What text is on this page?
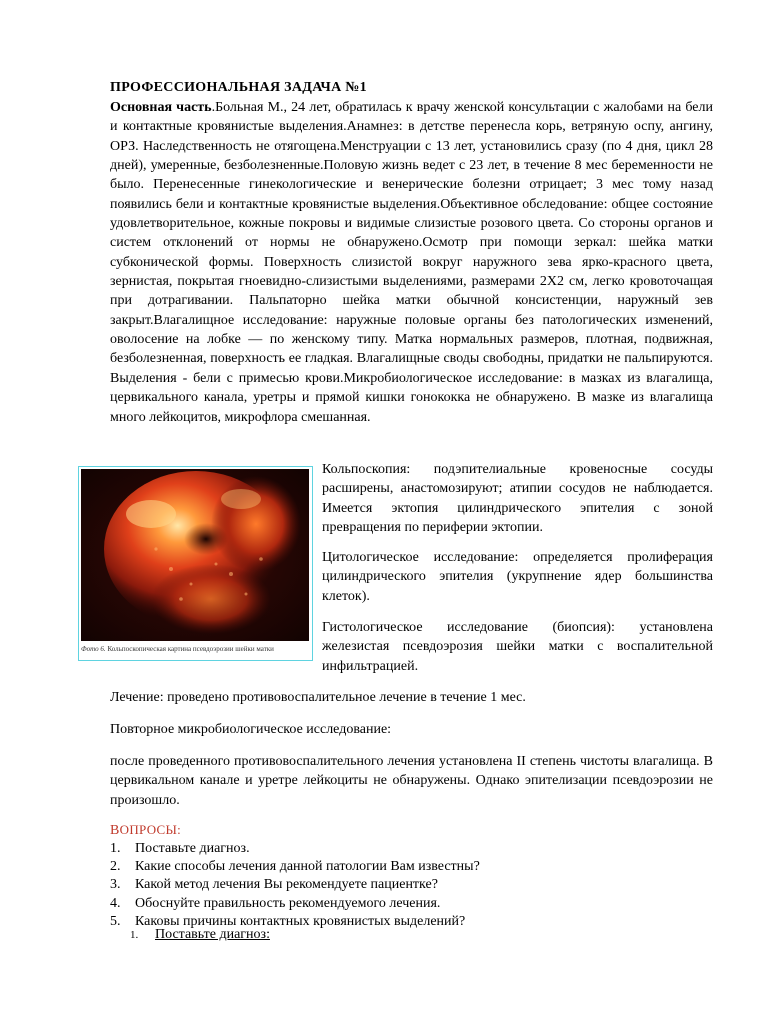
ПРОФЕССИОНАЛЬНАЯ ЗАДАЧА №1
Основная часть.Больная М., 24 лет, обратилась к врачу женской консультации с жалобами на бели и контактные кровянистые выделения.Анамнез: в детстве перенесла корь, ветряную оспу, ангину, ОРЗ. Наследственность не отягощена.Менструации с 13 лет, установились сразу (по 4 дня, цикл 28 дней), умеренные, безболезненные.Половую жизнь ведет с 23 лет, в течение 8 мес беременности не было. Перенесенные гинекологические и венерические болезни отрицает; 3 мес тому назад появились бели и контактные кровянистые выделения.Объективное обследование: общее состояние удовлетворительное, кожные покровы и видимые слизистые розового цвета. Со стороны органов и систем отклонений от нормы не обнаружено.Осмотр при помощи зеркал: шейка матки субконической формы. Поверхность слизистой вокруг наружного зева ярко-красного цвета, зернистая, покрытая гноевидно-слизистыми выделениями, размерами 2Х2 см, легко кровоточащая при дотрагивании. Пальпаторно шейка матки обычной консистенции, наружный зев закрыт.Влагалищное исследование: наружные половые органы без патологических изменений, оволосение на лобке — по женскому типу. Матка нормальных размеров, плотная, подвижная, безболезненная, поверхность ее гладкая. Влагалищные своды свободны, придатки не пальпируются. Выделения - бели с примесью крови.Микробиологическое исследование: в мазках из влагалища, цервикального канала, уретры и прямой кишки гонококка не обнаружено. В мазке из влагалища много лейкоцитов, микрофлора смешанная.
Фото 6. Кольпоскопическая картина псевдоэрозии шейки матки
Кольпоскопия: подэпителиальные кровеносные сосуды расширены, анастомозируют; атипии сосудов не наблюдается. Имеется эктопия цилиндрического эпителия с зоной превращения по периферии эктопии.
Цитологическое исследование: определяется пролиферация цилиндрического эпителия (укрупнение ядер большинства клеток).
Гистологическое исследование (биопсия): установлена железистая псевдоэрозия шейки матки с воспалительной инфильтрацией.
Лечение: проведено противовоспалительное лечение в течение 1 мес.
Повторное микробиологическое исследование:
после проведенного противовоспалительного лечения установлена II степень чистоты влагалища. В цервикальном канале и уретре лейкоциты не обнаружены. Однако эпителизации псевдоэрозии не произошло.
ВОПРОСЫ:
1. Поставьте диагноз.
2. Какие способы лечения данной патологии Вам известны?
3. Какой метод лечения Вы рекомендуете пациентке?
4. Обоснуйте правильность рекомендуемого лечения.
5. Каковы причины контактных кровянистых выделений?
1. Поставьте диагноз:
